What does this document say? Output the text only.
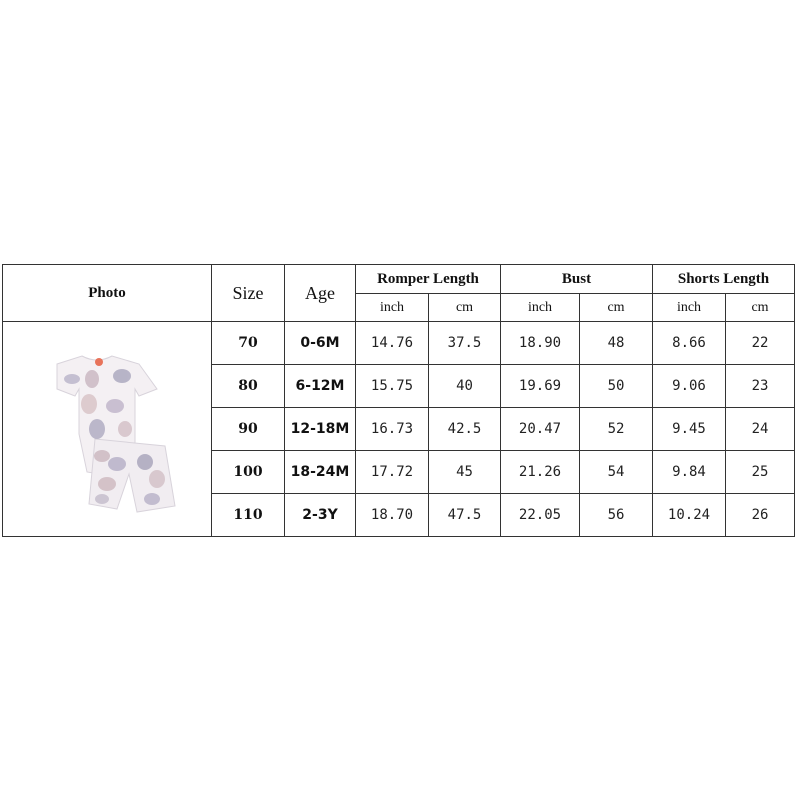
Photo	Size	Age	Romper Length		Bust		Shorts Length	
			inch	cm	inch	cm	inch	cm

	70	0-6M	14.76	37.5	18.90	48	8.66	22
	80	6-12M	15.75	40	19.69	50	9.06	23
	90	12-18M	16.73	42.5	20.47	52	9.45	24
	100	18-24M	17.72	45	21.26	54	9.84	25
	110	2-3Y	18.70	47.5	22.05	56	10.24	26
